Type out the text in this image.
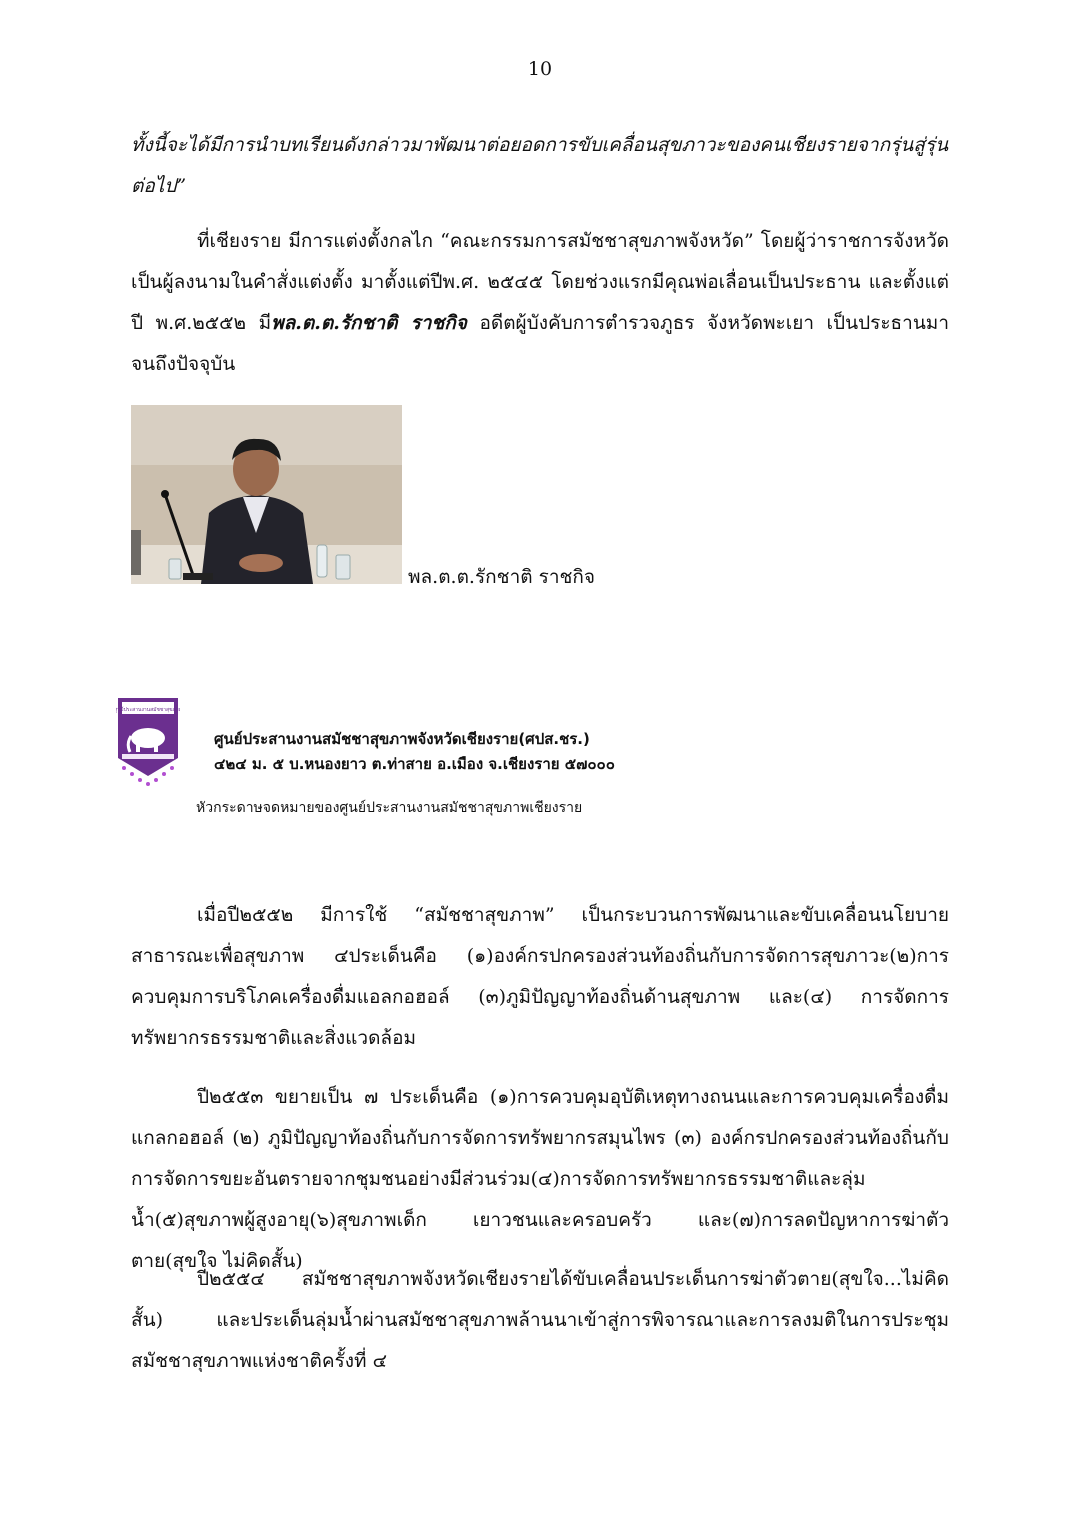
10

ทั้งนี้จะได้มีการนำบทเรียนดังกล่าวมาพัฒนาต่อยอดการขับเคลื่อนสุขภาวะของคนเชียงรายจากรุ่นสู่รุ่นต่อไป”

ที่เชียงราย มีการแต่งตั้งกลไก “คณะกรรมการสมัชชาสุขภาพจังหวัด” โดยผู้ว่าราชการจังหวัดเป็นผู้ลงนามในคำสั่งแต่งตั้ง มาตั้งแต่ปีพ.ศ. ๒๕๔๕ โดยช่วงแรกมีคุณพ่อเลื่อนเป็นประธาน และตั้งแต่ ปี พ.ศ.๒๕๕๒ มีพล.ต.ต.รักชาติ ราชกิจ อดีตผู้บังคับการตำรวจภูธร จังหวัดพะเยา เป็นประธานมาจนถึงปัจจุบัน

พล.ต.ต.รักชาติ ราชกิจ
ศูนย์ประสานงานสมัชชาสุขภาพ
ศูนย์ประสานงานสมัชชาสุขภาพจังหวัดเชียงราย(ศปส.ชร.)
๔๒๔ ม. ๕ บ.หนองยาว ต.ท่าสาย อ.เมือง จ.เชียงราย ๕๗๐๐๐
หัวกระดาษจดหมายของศูนย์ประสานงานสมัชชาสุขภาพเชียงราย

เมื่อปี๒๕๕๒ มีการใช้ “สมัชชาสุขภาพ” เป็นกระบวนการพัฒนาและขับเคลื่อนนโยบายสาธารณะเพื่อสุขภาพ ๔ประเด็นคือ (๑)องค์กรปกครองส่วนท้องถิ่นกับการจัดการสุขภาวะ(๒)การควบคุมการบริโภคเครื่องดื่มแอลกอฮอล์ (๓)ภูมิปัญญาท้องถิ่นด้านสุขภาพ และ(๔) การจัดการทรัพยากรธรรมชาติและสิ่งแวดล้อม

ปี๒๕๕๓ ขยายเป็น ๗ ประเด็นคือ (๑)การควบคุมอุบัติเหตุทางถนนและการควบคุมเครื่องดื่มแกลกอฮอล์ (๒) ภูมิปัญญาท้องถิ่นกับการจัดการทรัพยากรสมุนไพร (๓) องค์กรปกครองส่วนท้องถิ่นกับการจัดการขยะอันตรายจากชุมชนอย่างมีส่วนร่วม(๔)การจัดการทรัพยากรธรรมชาติและลุ่มน้ำ(๕)สุขภาพผู้สูงอายุ(๖)สุขภาพเด็ก เยาวชนและครอบครัว และ(๗)การลดปัญหาการฆ่าตัวตาย(สุขใจ ไม่คิดสั้น)

ปี๒๕๕๔ สมัชชาสุขภาพจังหวัดเชียงรายได้ขับเคลื่อนประเด็นการฆ่าตัวตาย(สุขใจ...ไม่คิดสั้น) และประเด็นลุ่มน้ำผ่านสมัชชาสุขภาพล้านนาเข้าสู่การพิจารณาและการลงมติในการประชุมสมัชชาสุขภาพแห่งชาติครั้งที่ ๔
